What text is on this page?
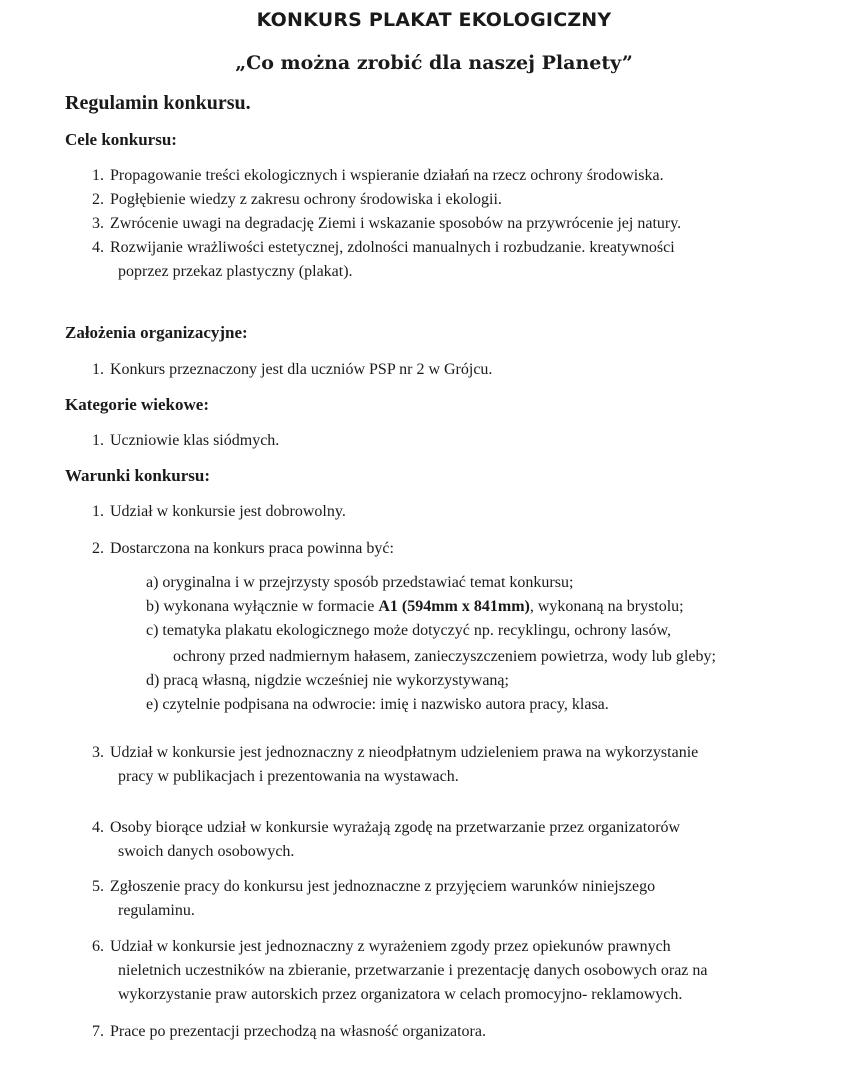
KONKURS PLAKAT EKOLOGICZNY
„Co można zrobić dla naszej Planety”
Regulamin konkursu.
Cele konkursu:
1. Propagowanie treści ekologicznych i wspieranie działań na rzecz ochrony środowiska.
2. Pogłębienie wiedzy z zakresu ochrony środowiska i ekologii.
3. Zwrócenie uwagi na degradację Ziemi i wskazanie sposobów na przywrócenie jej natury.
4. Rozwijanie wrażliwości estetycznej, zdolności manualnych i rozbudzanie. kreatywności
poprzez przekaz plastyczny (plakat).
Założenia organizacyjne:
1. Konkurs przeznaczony jest dla uczniów PSP nr 2 w Grójcu.
Kategorie wiekowe:
1. Uczniowie klas siódmych.
Warunki konkursu:
1. Udział w konkursie jest dobrowolny.
2. Dostarczona na konkurs praca powinna być:
a) oryginalna i w przejrzysty sposób przedstawiać temat konkursu;
b) wykonana wyłącznie w formacie A1 (594mm x 841mm), wykonaną na brystolu;
c) tematyka plakatu ekologicznego może dotyczyć np. recyklingu, ochrony lasów,
ochrony przed nadmiernym hałasem, zanieczyszczeniem powietrza, wody lub gleby;
d) pracą własną, nigdzie wcześniej nie wykorzystywaną;
e) czytelnie podpisana na odwrocie: imię i nazwisko autora pracy, klasa.
3. Udział w konkursie jest jednoznaczny z nieodpłatnym udzieleniem prawa na wykorzystanie
pracy w publikacjach i prezentowania na wystawach.
4. Osoby biorące udział w konkursie wyrażają zgodę na przetwarzanie przez organizatorów
swoich danych osobowych.
5. Zgłoszenie pracy do konkursu jest jednoznaczne z przyjęciem warunków niniejszego
regulaminu.
6. Udział w konkursie jest jednoznaczny z wyrażeniem zgody przez opiekunów prawnych
nieletnich uczestników na zbieranie, przetwarzanie i prezentację danych osobowych oraz na
wykorzystanie praw autorskich przez organizatora w celach promocyjno- reklamowych.
7. Prace po prezentacji przechodzą na własność organizatora.
